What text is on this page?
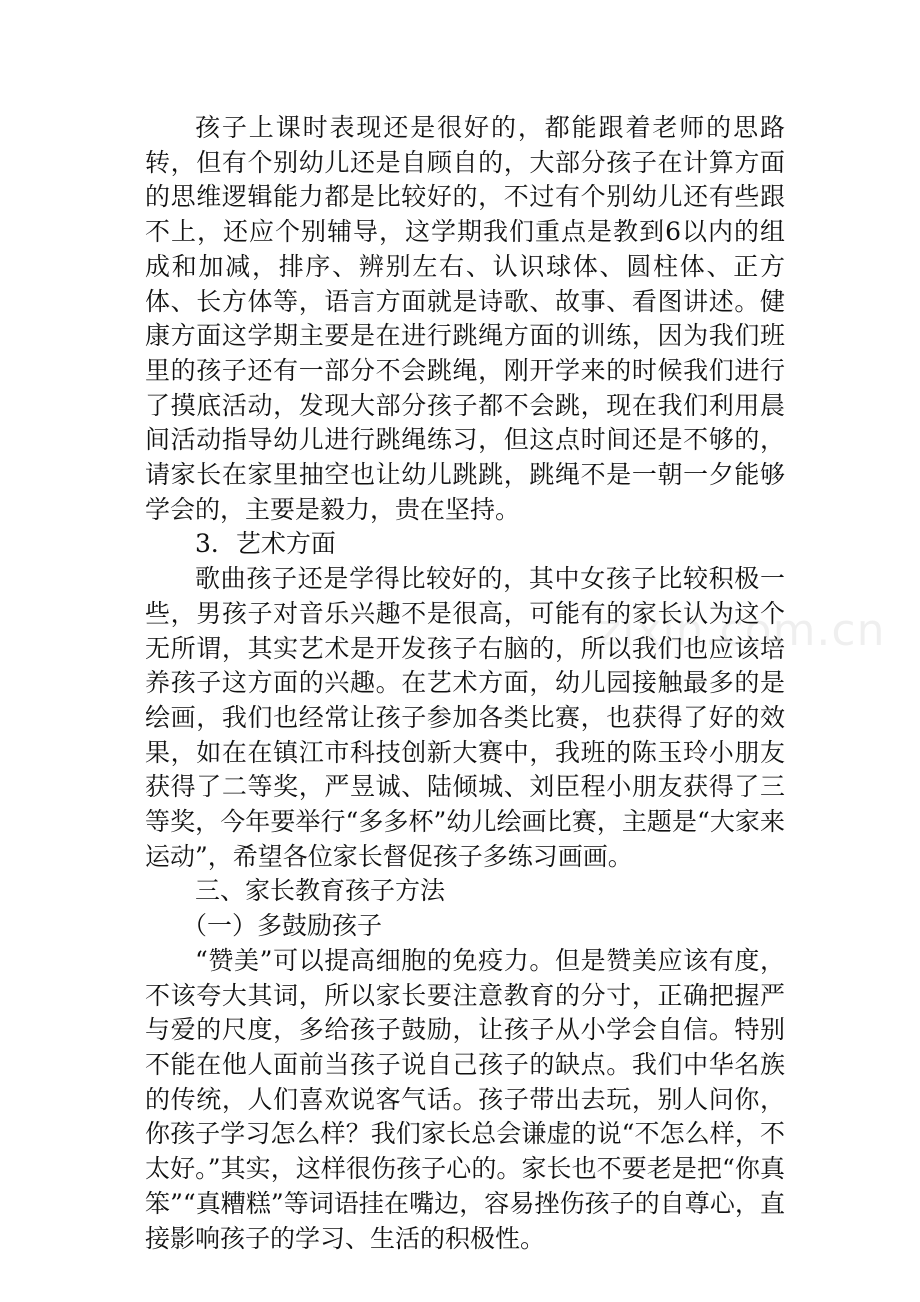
孩子上课时表现还是很好的，都能跟着老师的思路转，但有个别幼儿还是自顾自的，大部分孩子在计算方面的思维逻辑能力都是比较好的，不过有个别幼儿还有些跟不上，还应个别辅导，这学期我们重点是教到6以内的组成和加减，排序、辨别左右、认识球体、圆柱体、正方体、长方体等，语言方面就是诗歌、故事、看图讲述。健康方面这学期主要是在进行跳绳方面的训练，因为我们班里的孩子还有一部分不会跳绳，刚开学来的时候我们进行了摸底活动，发现大部分孩子都不会跳，现在我们利用晨间活动指导幼儿进行跳绳练习，但这点时间还是不够的，请家长在家里抽空也让幼儿跳跳，跳绳不是一朝一夕能够学会的，主要是毅力，贵在坚持。

3．艺术方面

歌曲孩子还是学得比较好的，其中女孩子比较积极一些，男孩子对音乐兴趣不是很高，可能有的家长认为这个无所谓，其实艺术是开发孩子右脑的，所以我们也应该培养孩子这方面的兴趣。在艺术方面，幼儿园接触最多的是绘画，我们也经常让孩子参加各类比赛，也获得了好的效果，如在在镇江市科技创新大赛中，我班的陈玉玲小朋友获得了二等奖，严昱诚、陆倾城、刘臣程小朋友获得了三等奖，今年要举行“多多杯”幼儿绘画比赛，主题是“大家来运动”，希望各位家长督促孩子多练习画画。

三、家长教育孩子方法

（一）多鼓励孩子

“赞美”可以提高细胞的免疫力。但是赞美应该有度，不该夸大其词，所以家长要注意教育的分寸，正确把握严与爱的尺度，多给孩子鼓励，让孩子从小学会自信。特别不能在他人面前当孩子说自己孩子的缺点。我们中华名族的传统，人们喜欢说客气话。孩子带出去玩，别人问你，你孩子学习怎么样？我们家长总会谦虚的说“不怎么样，不太好。”其实，这样很伤孩子心的。家长也不要老是把“你真笨”“真糟糕”等词语挂在嘴边，容易挫伤孩子的自尊心，直接影响孩子的学习、生活的积极性。

zixin.com.cn
